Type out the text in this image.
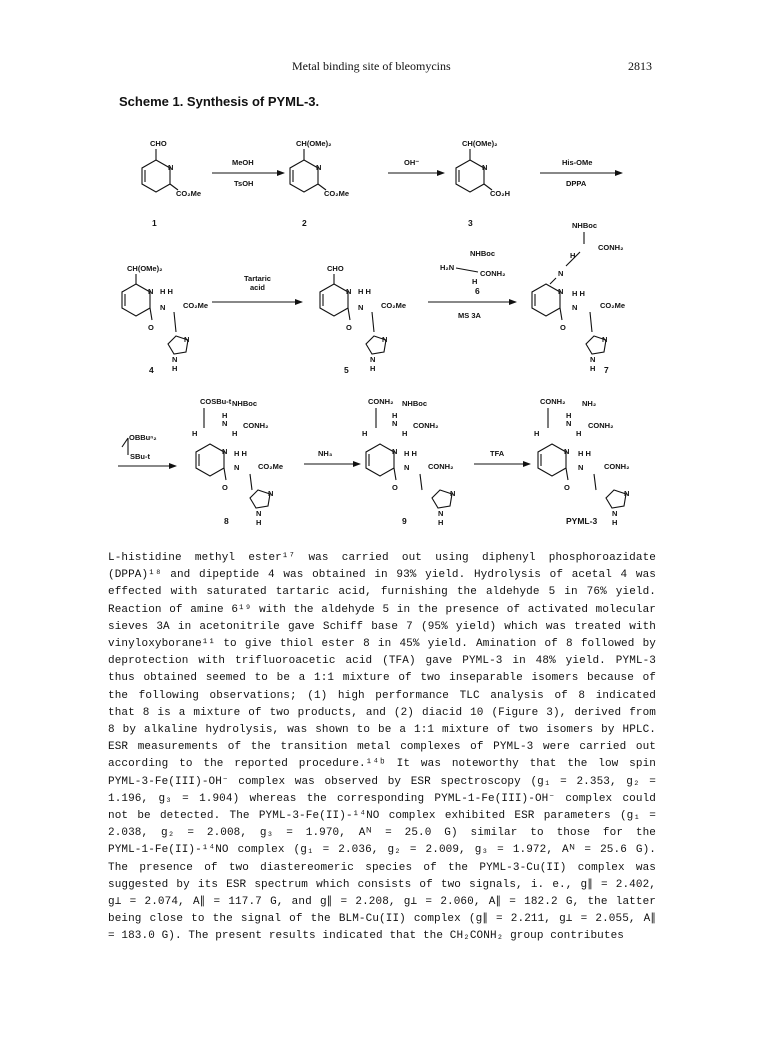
Metal binding site of bleomycins	2813
Scheme 1. Synthesis of PYML-3.
CHO
N
CO₂Me
1
MeOH
TsOH
CH(OMe)₂
N
CO₂Me
2
OH⁻
CH(OMe)₂
N
CO₂H
3
His-OMe
DPPA
CH(OMe)₂
N
O
H H
N CO₂Me
N
N
H
4
Tartaric
acid
CHO
N
O
H H
N CO₂Me
N
N
H
5
NHBoc
H₂N
CONH₂
H
6
MS 3A
NHBoc
CONH₂
H
N
N
O
H H
N	CO₂Me
N
N
H 7
OBBuⁿ₂
SBu-t
COSBu-t NHBoc
H
N CONH₂
H	H
N
O
H H
N CO₂Me
N
N
H
8
NH₃
CONH₂ NHBoc
H
N CONH₂
H	H
N
O
H H
N CONH₂
N
N
H
9
TFA
CONH₂ NH₂
H
N CONH₂
H	H
N
O
H H
N	CONH₂
N
N
H
PYML-3

L-histidine methyl ester¹⁷ was carried out using diphenyl phosphoroazidate

(DPPA)¹⁸ and dipeptide 4 was obtained in 93% yield. Hydrolysis of acetal 4 was

effected with saturated tartaric acid, furnishing the aldehyde 5 in 76% yield.

Reaction of amine 6¹⁹ with the aldehyde 5 in the presence of activated molecular

sieves 3A in acetonitrile gave Schiff base 7 (95% yield) which was treated with

vinyloxyborane¹¹ to give thiol ester 8 in 45% yield. Amination of 8 followed by

deprotection with trifluoroacetic acid (TFA) gave PYML-3 in 48% yield. PYML-3

thus obtained seemed to be a 1:1 mixture of two inseparable isomers because of

the following observations; (1) high performance TLC analysis of 8 indicated

that 8 is a mixture of two products, and (2) diacid 10 (Figure 3), derived from

8 by alkaline hydrolysis, was shown to be a 1:1 mixture of two isomers by HPLC.

ESR measurements of the transition metal complexes of PYML-3 were carried out

according to the reported procedure.¹⁴ᵇ It was noteworthy that the low spin

PYML-3-Fe(III)-OH⁻ complex was observed by ESR spectroscopy (g₁ = 2.353, g₂ =

1.196, g₃ = 1.904) whereas the corresponding PYML-1-Fe(III)-OH⁻ complex could

not be detected. The PYML-3-Fe(II)-¹⁴NO complex exhibited ESR parameters (g₁ =

2.038, g₂ = 2.008, g₃ = 1.970, Aᴺ = 25.0 G) similar to those for the

PYML-1-Fe(II)-¹⁴NO complex (g₁ = 2.036, g₂ = 2.009, g₃ = 1.972, Aᴺ = 25.6 G).

The presence of two diastereomeric species of the PYML-3-Cu(II) complex was

suggested by its ESR spectrum which consists of two signals, i. e., g∥ = 2.402,

g⊥ = 2.074, A∥ = 117.7 G, and g∥ = 2.208, g⊥ = 2.060, A∥ = 182.2 G, the latter

being close to the signal of the BLM-Cu(II) complex (g∥ = 2.211, g⊥ = 2.055, A∥

= 183.0 G). The present results indicated that the CH₂CONH₂ group contributes
